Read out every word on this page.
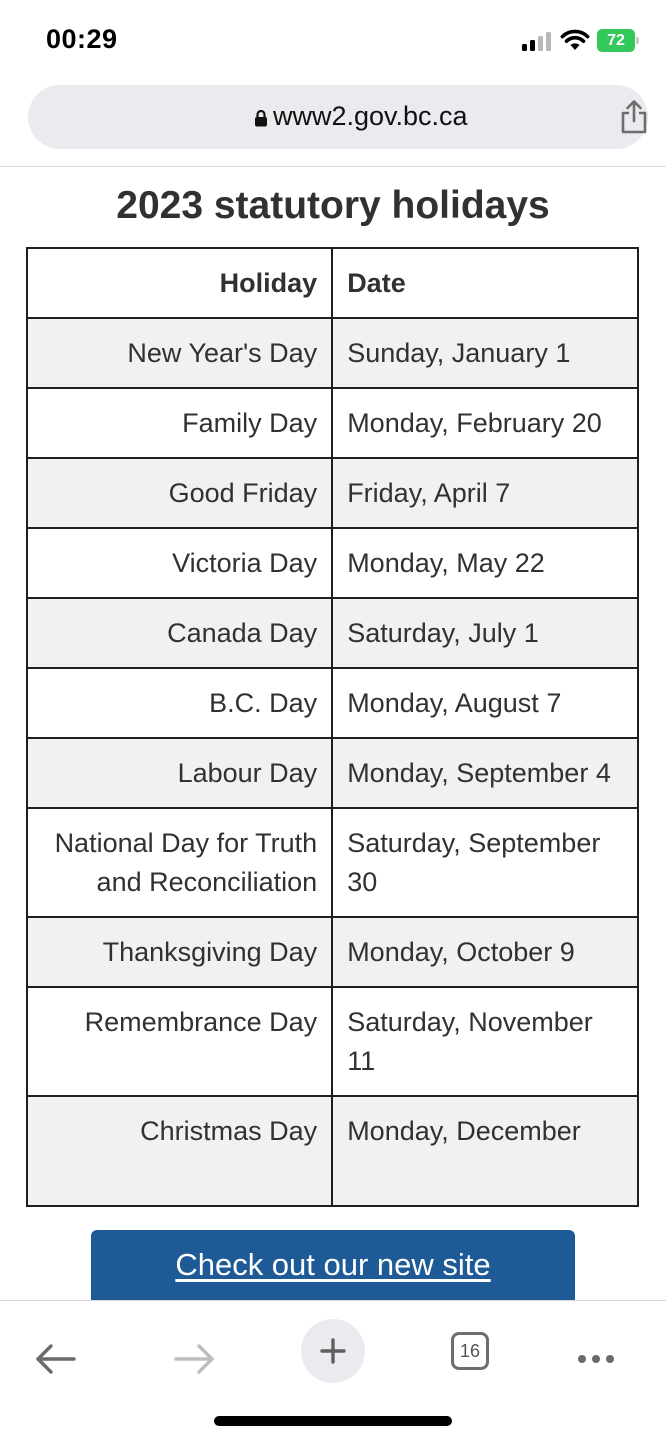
00:29	72
www2.gov.bc.ca
2023 statutory holidays
Holiday	Date
New Year's Day	Sunday, January 1
Family Day	Monday, February 20
Good Friday	Friday, April 7
Victoria Day	Monday, May 22
Canada Day	Saturday, July 1
B.C. Day	Monday, August 7
Labour Day	Monday, September 4
National Day for Truth and Reconciliation	Saturday, September 30
Thanksgiving Day	Monday, October 9
Remembrance Day	Saturday, November 11
Christmas Day	Monday, December
Check out our new site
16
